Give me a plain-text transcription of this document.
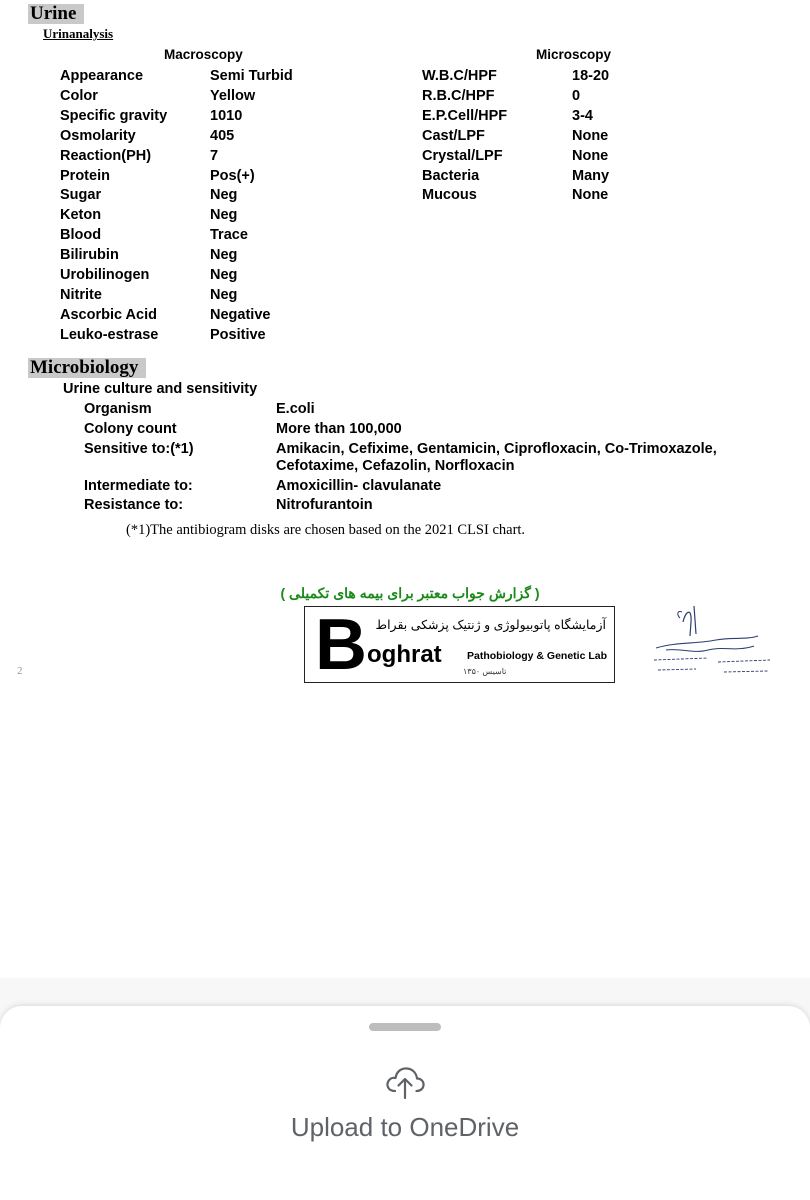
Urine
Urinanalysis
Macroscopy	Microscopy
Appearance	Semi Turbid
Color	Yellow
Specific gravity	1010
Osmolarity	405
Reaction(PH)	7
Protein	Pos(+)
Sugar	Neg
Keton	Neg
Blood	Trace
Bilirubin	Neg
Urobilinogen	Neg
Nitrite	Neg
Ascorbic Acid	Negative
Leuko-estrase	Positive
W.B.C/HPF	18-20
R.B.C/HPF	0
E.P.Cell/HPF	3-4
Cast/LPF	None
Crystal/LPF	None
Bacteria	Many
Mucous	None
Microbiology
Urine culture and sensitivity
Organism	E.coli
Colony count	More than 100,000
Sensitive to:(*1)	Amikacin, Cefixime, Gentamicin, Ciprofloxacin, Co-Trimoxazole,
Cefotaxime, Cefazolin, Norfloxacin
Intermediate to:	Amoxicillin- clavulanate
Resistance to:	Nitrofurantoin
(*1)The antibiogram disks are chosen based on the 2021 CLSI chart.
2
( گزارش جواب معتبر برای بیمه های تکمیلی )
B آزمایشگاه پاتوبیولوژی و ژنتیک پزشکی بقراط
oghrat Pathobiology & Genetic Lab
تاسیس ۱۳۵۰
Upload to OneDrive
